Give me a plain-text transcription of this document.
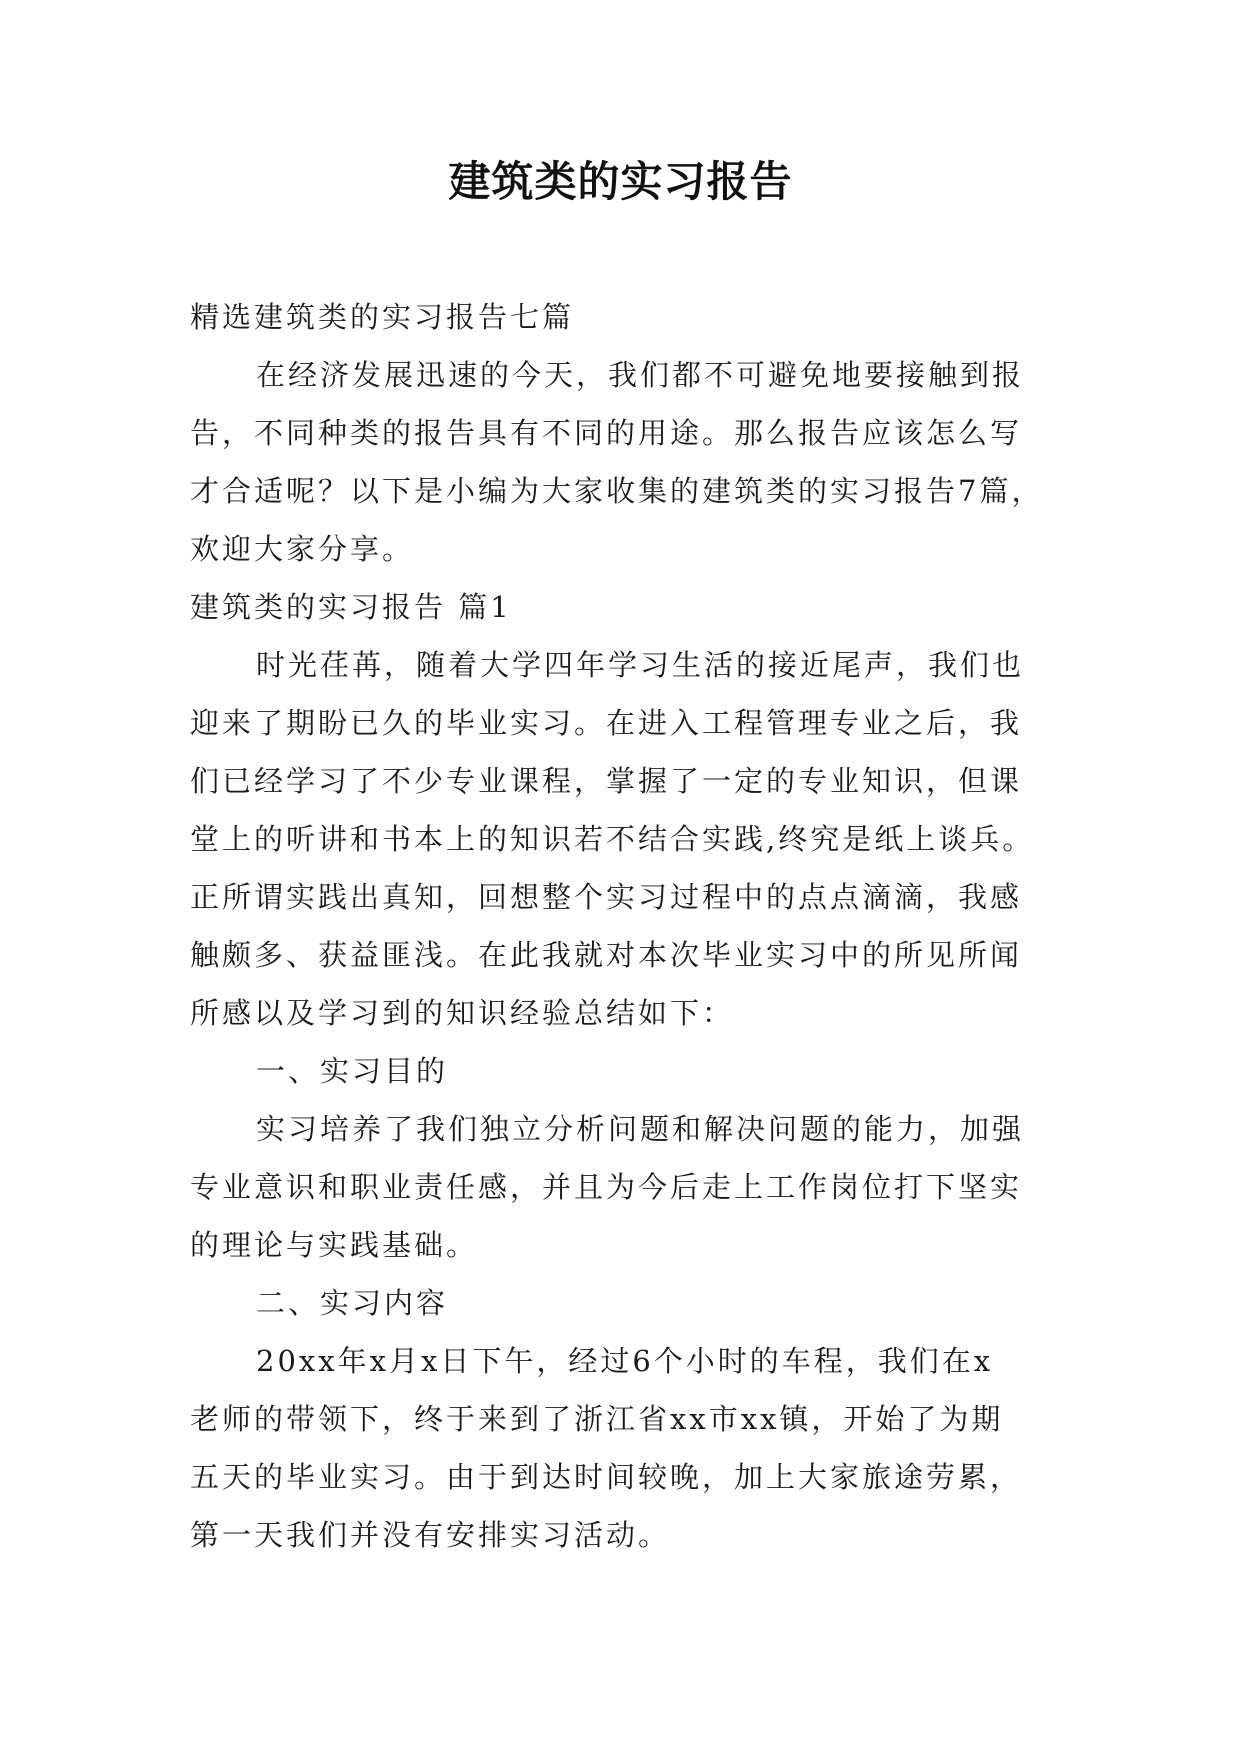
建筑类的实习报告
精选建筑类的实习报告七篇
在经济发展迅速的今天，我们都不可避免地要接触到报
告，不同种类的报告具有不同的用途。那么报告应该怎么写
才合适呢？以下是小编为大家收集的建筑类的实习报告7篇，
欢迎大家分享。
建筑类的实习报告 篇1
时光荏苒，随着大学四年学习生活的接近尾声，我们也
迎来了期盼已久的毕业实习。在进入工程管理专业之后，我
们已经学习了不少专业课程，掌握了一定的专业知识，但课
堂上的听讲和书本上的知识若不结合实践,终究是纸上谈兵。
正所谓实践出真知，回想整个实习过程中的点点滴滴，我感
触颇多、获益匪浅。在此我就对本次毕业实习中的所见所闻
所感以及学习到的知识经验总结如下：
一、实习目的
实习培养了我们独立分析问题和解决问题的能力，加强
专业意识和职业责任感，并且为今后走上工作岗位打下坚实
的理论与实践基础。
二、实习内容
20xx年x月x日下午，经过6个小时的车程，我们在x
老师的带领下，终于来到了浙江省xx市xx镇，开始了为期
五天的毕业实习。由于到达时间较晚，加上大家旅途劳累，
第一天我们并没有安排实习活动。
